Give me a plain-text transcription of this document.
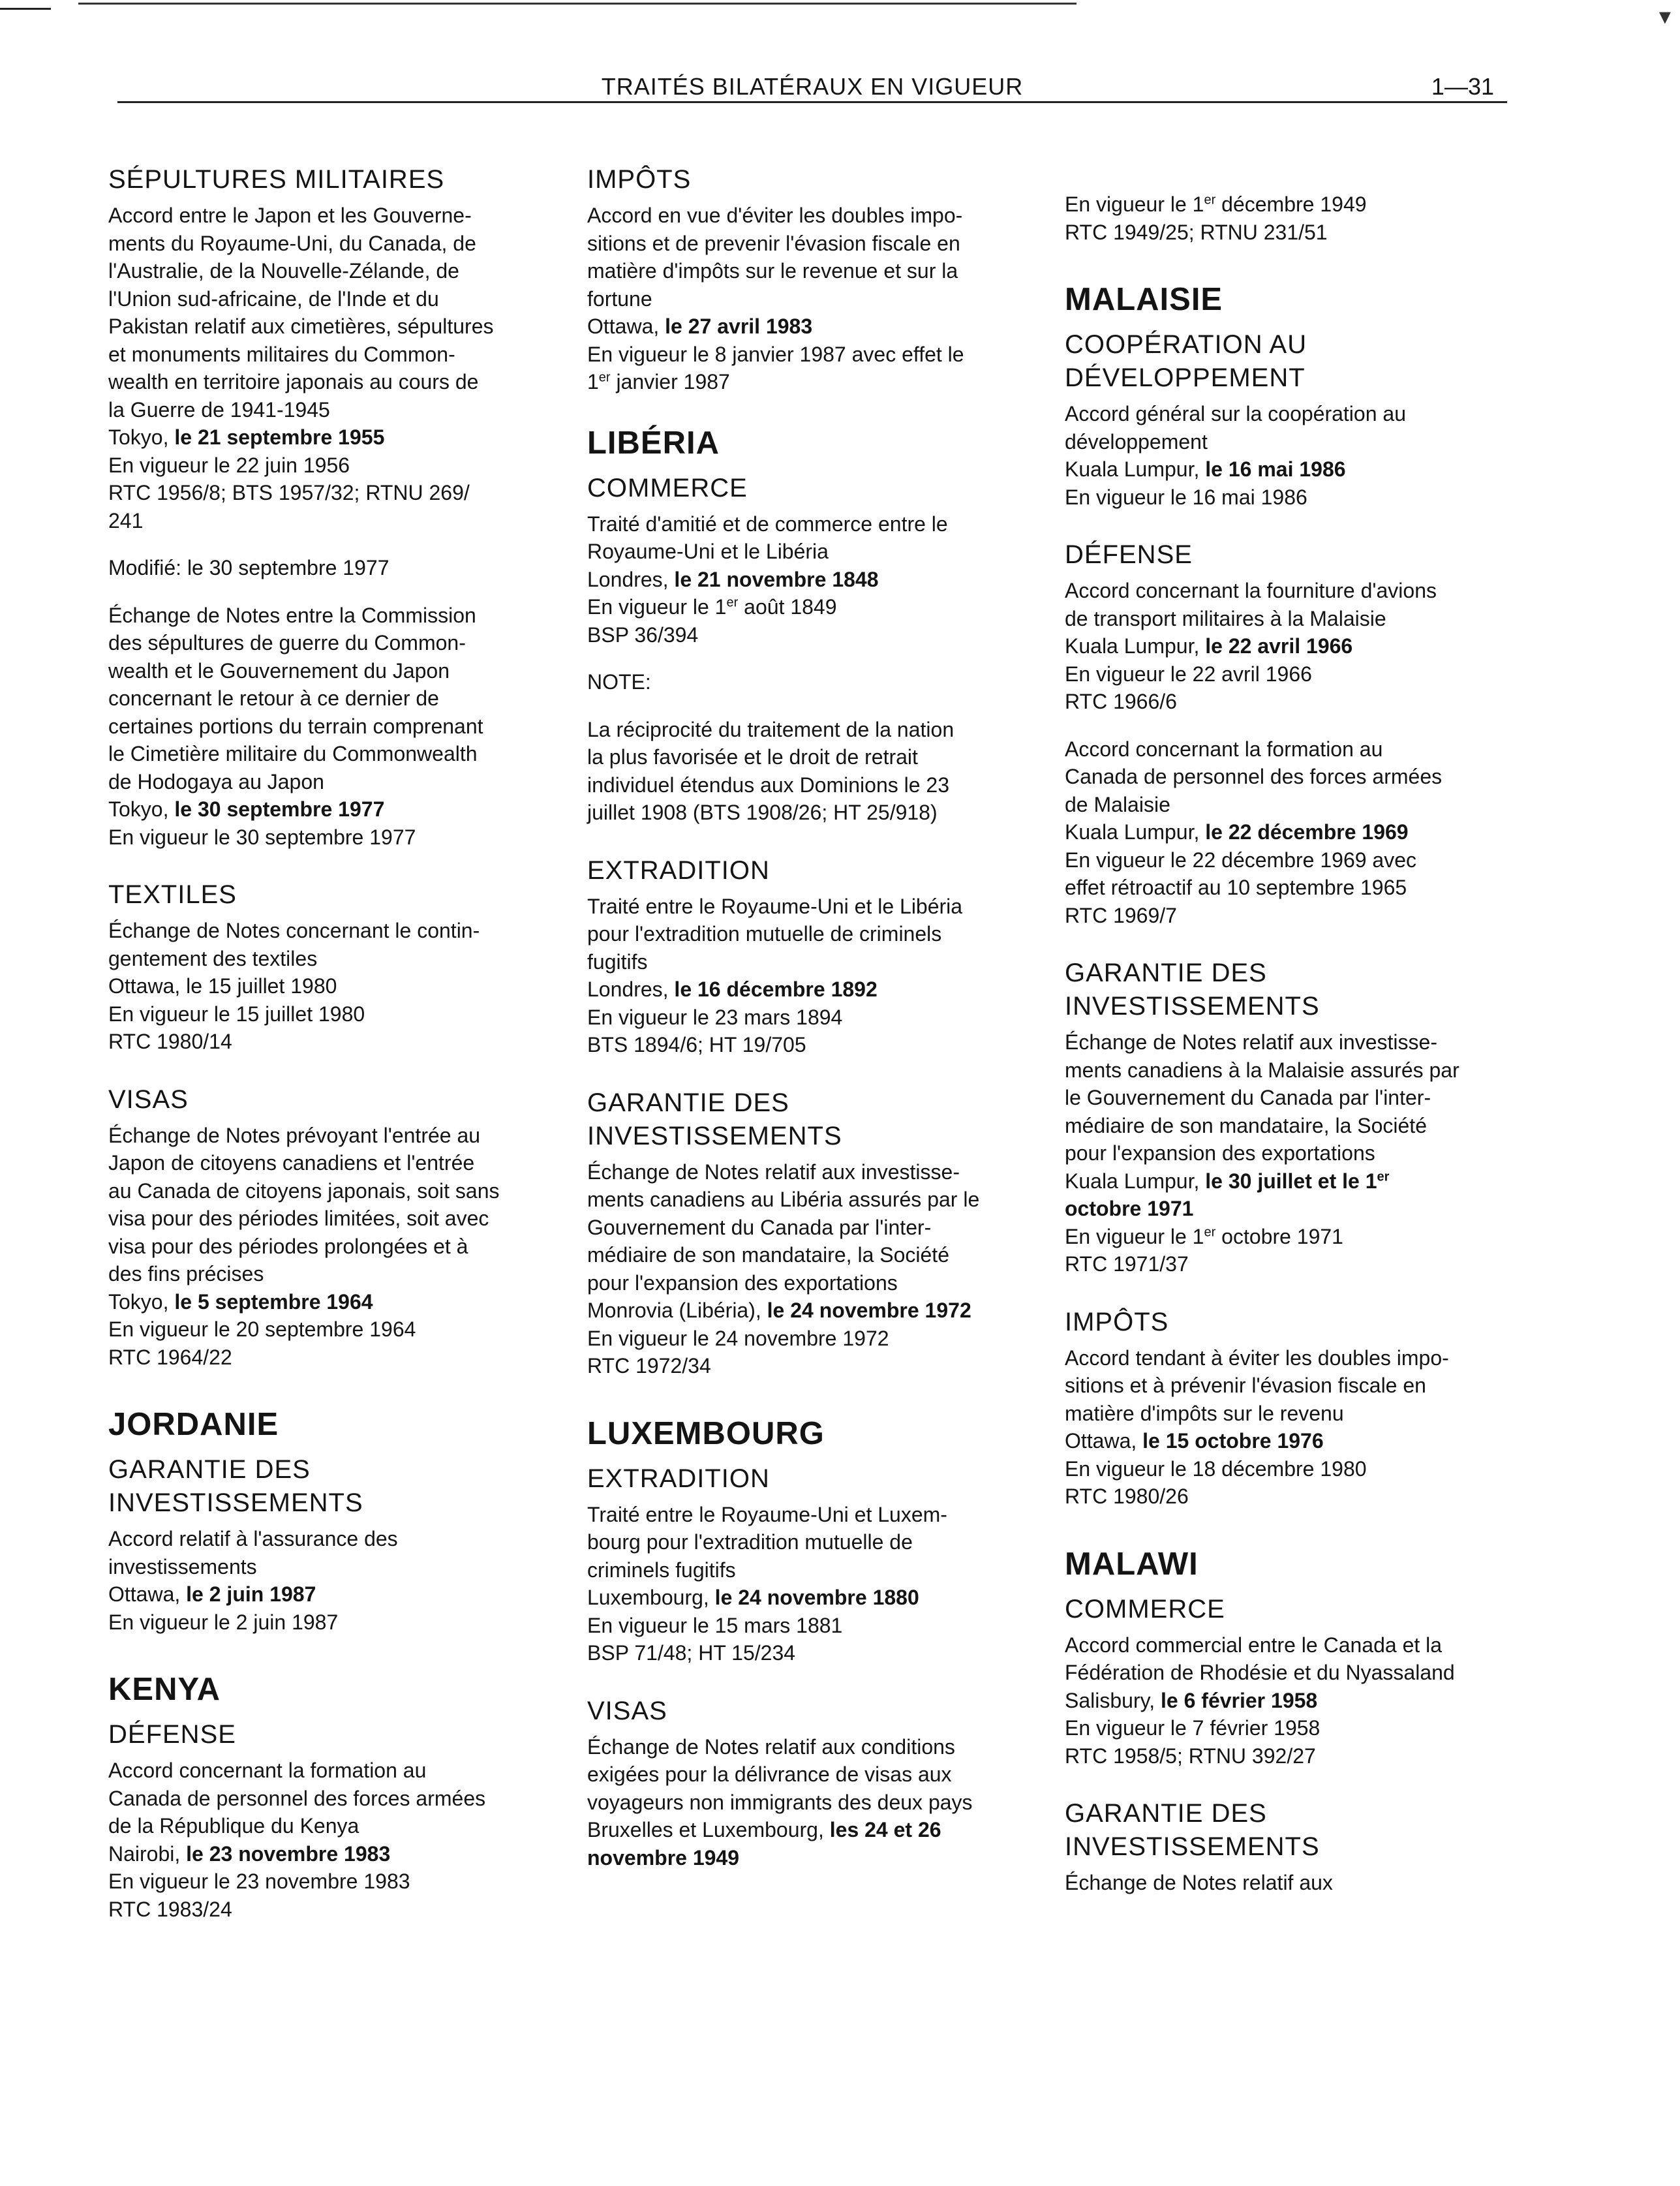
▾
TRAITÉS BILATÉRAUX EN VIGUEUR	1—31
SÉPULTURES MILITAIRES
Accord entre le Japon et les Gouverne-
ments du Royaume-Uni, du Canada, de
l'Australie, de la Nouvelle-Zélande, de
l'Union sud-africaine, de l'Inde et du
Pakistan relatif aux cimetières, sépultures
et monuments militaires du Common-
wealth en territoire japonais au cours de
la Guerre de 1941-1945
Tokyo, le 21 septembre 1955
En vigueur le 22 juin 1956
RTC 1956/8; BTS 1957/32; RTNU 269/
241
Modifié: le 30 septembre 1977
Échange de Notes entre la Commission
des sépultures de guerre du Common-
wealth et le Gouvernement du Japon
concernant le retour à ce dernier de
certaines portions du terrain comprenant
le Cimetière militaire du Commonwealth
de Hodogaya au Japon
Tokyo, le 30 septembre 1977
En vigueur le 30 septembre 1977
TEXTILES
Échange de Notes concernant le contin-
gentement des textiles
Ottawa, le 15 juillet 1980
En vigueur le 15 juillet 1980
RTC 1980/14
VISAS
Échange de Notes prévoyant l'entrée au
Japon de citoyens canadiens et l'entrée
au Canada de citoyens japonais, soit sans
visa pour des périodes limitées, soit avec
visa pour des périodes prolongées et à
des fins précises
Tokyo, le 5 septembre 1964
En vigueur le 20 septembre 1964
RTC 1964/22
JORDANIE
GARANTIE DES
INVESTISSEMENTS
Accord relatif à l'assurance des
investissements
Ottawa, le 2 juin 1987
En vigueur le 2 juin 1987
KENYA
DÉFENSE
Accord concernant la formation au
Canada de personnel des forces armées
de la République du Kenya
Nairobi, le 23 novembre 1983
En vigueur le 23 novembre 1983
RTC 1983/24
IMPÔTS
Accord en vue d'éviter les doubles impo-
sitions et de prevenir l'évasion fiscale en
matière d'impôts sur le revenue et sur la
fortune
Ottawa, le 27 avril 1983
En vigueur le 8 janvier 1987 avec effet le
1er janvier 1987
LIBÉRIA
COMMERCE
Traité d'amitié et de commerce entre le
Royaume-Uni et le Libéria
Londres, le 21 novembre 1848
En vigueur le 1er août 1849
BSP 36/394
NOTE:
La réciprocité du traitement de la nation
la plus favorisée et le droit de retrait
individuel étendus aux Dominions le 23
juillet 1908 (BTS 1908/26; HT 25/918)
EXTRADITION
Traité entre le Royaume-Uni et le Libéria
pour l'extradition mutuelle de criminels
fugitifs
Londres, le 16 décembre 1892
En vigueur le 23 mars 1894
BTS 1894/6; HT 19/705
GARANTIE DES
INVESTISSEMENTS
Échange de Notes relatif aux investisse-
ments canadiens au Libéria assurés par le
Gouvernement du Canada par l'inter-
médiaire de son mandataire, la Société
pour l'expansion des exportations
Monrovia (Libéria), le 24 novembre 1972
En vigueur le 24 novembre 1972
RTC 1972/34
LUXEMBOURG
EXTRADITION
Traité entre le Royaume-Uni et Luxem-
bourg pour l'extradition mutuelle de
criminels fugitifs
Luxembourg, le 24 novembre 1880
En vigueur le 15 mars 1881
BSP 71/48; HT 15/234
VISAS
Échange de Notes relatif aux conditions
exigées pour la délivrance de visas aux
voyageurs non immigrants des deux pays
Bruxelles et Luxembourg, les 24 et 26
novembre 1949
En vigueur le 1er décembre 1949
RTC 1949/25; RTNU 231/51
MALAISIE
COOPÉRATION AU
DÉVELOPPEMENT
Accord général sur la coopération au
développement
Kuala Lumpur, le 16 mai 1986
En vigueur le 16 mai 1986
DÉFENSE
Accord concernant la fourniture d'avions
de transport militaires à la Malaisie
Kuala Lumpur, le 22 avril 1966
En vigueur le 22 avril 1966
RTC 1966/6
Accord concernant la formation au
Canada de personnel des forces armées
de Malaisie
Kuala Lumpur, le 22 décembre 1969
En vigueur le 22 décembre 1969 avec
effet rétroactif au 10 septembre 1965
RTC 1969/7
GARANTIE DES
INVESTISSEMENTS
Échange de Notes relatif aux investisse-
ments canadiens à la Malaisie assurés par
le Gouvernement du Canada par l'inter-
médiaire de son mandataire, la Société
pour l'expansion des exportations
Kuala Lumpur, le 30 juillet et le 1er
octobre 1971
En vigueur le 1er octobre 1971
RTC 1971/37
IMPÔTS
Accord tendant à éviter les doubles impo-
sitions et à prévenir l'évasion fiscale en
matière d'impôts sur le revenu
Ottawa, le 15 octobre 1976
En vigueur le 18 décembre 1980
RTC 1980/26
MALAWI
COMMERCE
Accord commercial entre le Canada et la
Fédération de Rhodésie et du Nyassaland
Salisbury, le 6 février 1958
En vigueur le 7 février 1958
RTC 1958/5; RTNU 392/27
GARANTIE DES
INVESTISSEMENTS
Échange de Notes relatif aux
